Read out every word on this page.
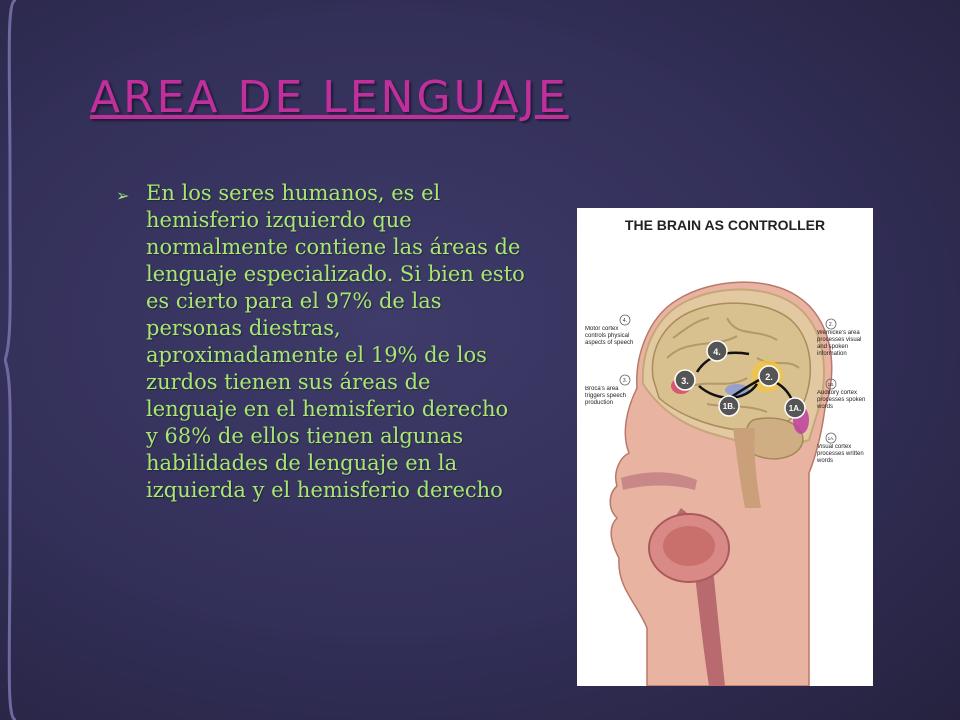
AREA DE LENGUAJE
➢ En los seres humanos, es el hemisferio izquierdo que normalmente contiene las áreas de lenguaje especializado. Si bien esto es cierto para el 97% de las personas diestras, aproximadamente el 19% de los zurdos tienen sus áreas de lenguaje en el hemisferio derecho y 68% de ellos tienen algunas habilidades de lenguaje en la izquierda y el hemisferio derecho
THE BRAIN AS CONTROLLER
4.
3.	2.
1B.	1A.
4.
Motor cortex controls physical aspects of speech
3.
Broca's area triggers speech production
2.
Wernicke's area processes visual and spoken information
1B.
Auditory cortex processes spoken words
1A.
Visual cortex processes written words
